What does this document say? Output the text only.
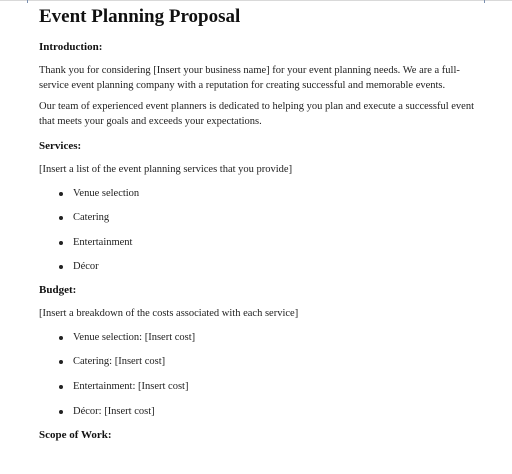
Event Planning Proposal

Introduction:

Thank you for considering [Insert your business name] for your event planning needs. We are a full-service event planning company with a reputation for creating successful and memorable events.

Our team of experienced event planners is dedicated to helping you plan and execute a successful event that meets your goals and exceeds your expectations.

Services:

[Insert a list of the event planning services that you provide]

Venue selection
Catering
Entertainment
Décor

Budget:

[Insert a breakdown of the costs associated with each service]

Venue selection: [Insert cost]
Catering: [Insert cost]
Entertainment: [Insert cost]
Décor: [Insert cost]

Scope of Work:
